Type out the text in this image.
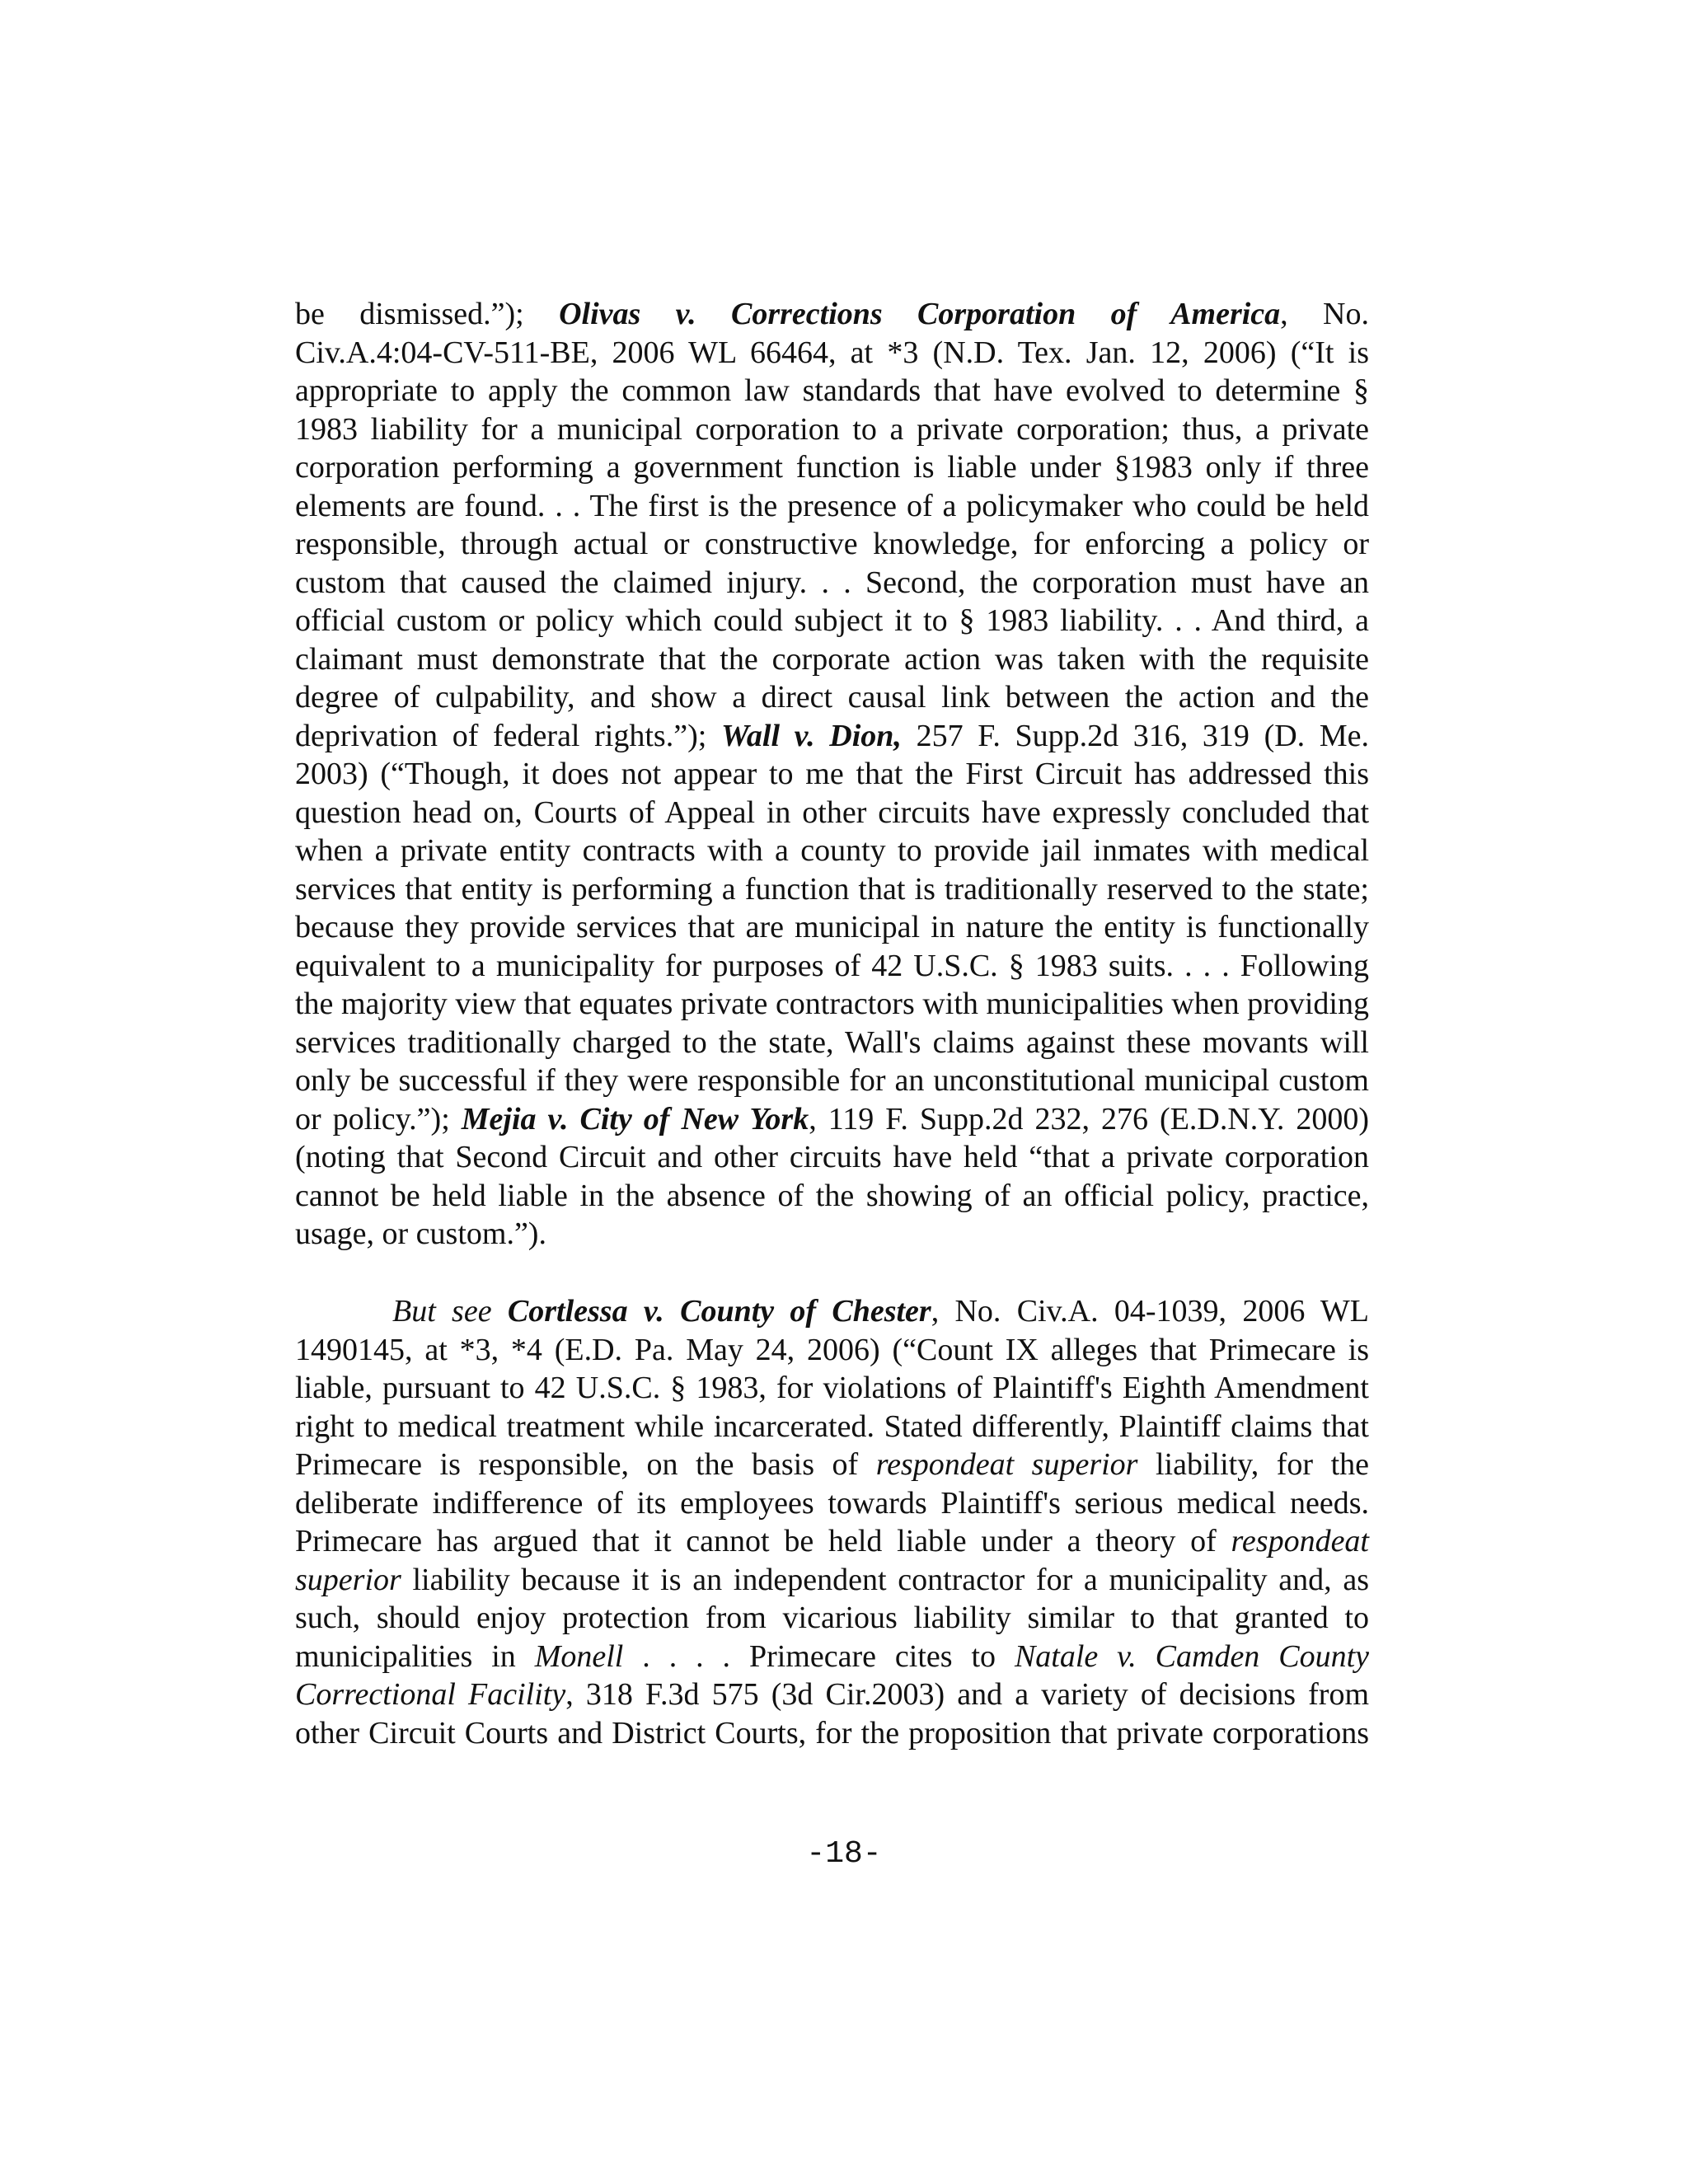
be dismissed.”); Olivas v. Corrections Corporation of America, No.
Civ.A.4:04-CV-511-BE, 2006 WL 66464, at *3 (N.D. Tex. Jan. 12, 2006) (“It is
appropriate to apply the common law standards that have evolved to determine §
1983 liability for a municipal corporation to a private corporation; thus, a private
corporation performing a government function is liable under §1983 only if three
elements are found. . . The first is the presence of a policymaker who could be held
responsible, through actual or constructive knowledge, for enforcing a policy or
custom that caused the claimed injury. . . Second, the corporation must have an
official custom or policy which could subject it to § 1983 liability. . . And third, a
claimant must demonstrate that the corporate action was taken with the requisite
degree of culpability, and show a direct causal link between the action and the
deprivation of federal rights.”); Wall v. Dion, 257 F. Supp.2d 316, 319 (D. Me.
2003) (“Though, it does not appear to me that the First Circuit has addressed this
question head on, Courts of Appeal in other circuits have expressly concluded that
when a private entity contracts with a county to provide jail inmates with medical
services that entity is performing a function that is traditionally reserved to the state;
because they provide services that are municipal in nature the entity is functionally
equivalent to a municipality for purposes of 42 U.S.C. § 1983 suits. . . . Following
the majority view that equates private contractors with municipalities when providing
services traditionally charged to the state, Wall's claims against these movants will
only be successful if they were responsible for an unconstitutional municipal custom
or policy.”); Mejia v. City of New York, 119 F. Supp.2d 232, 276 (E.D.N.Y. 2000)
(noting that Second Circuit and other circuits have held “that a private corporation
cannot be held liable in the absence of the showing of an official policy, practice,
usage, or custom.”).
But see Cortlessa v. County of Chester, No. Civ.A. 04-1039, 2006 WL
1490145, at *3, *4 (E.D. Pa. May 24, 2006) (“Count IX alleges that Primecare is
liable, pursuant to 42 U.S.C. § 1983, for violations of Plaintiff's Eighth Amendment
right to medical treatment while incarcerated. Stated differently, Plaintiff claims that
Primecare is responsible, on the basis of respondeat superior liability, for the
deliberate indifference of its employees towards Plaintiff's serious medical needs.
Primecare has argued that it cannot be held liable under a theory of respondeat
superior liability because it is an independent contractor for a municipality and, as
such, should enjoy protection from vicarious liability similar to that granted to
municipalities in Monell . . . . Primecare cites to Natale v. Camden County
Correctional Facility, 318 F.3d 575 (3d Cir.2003) and a variety of decisions from
other Circuit Courts and District Courts, for the proposition that private corporations
-18-
